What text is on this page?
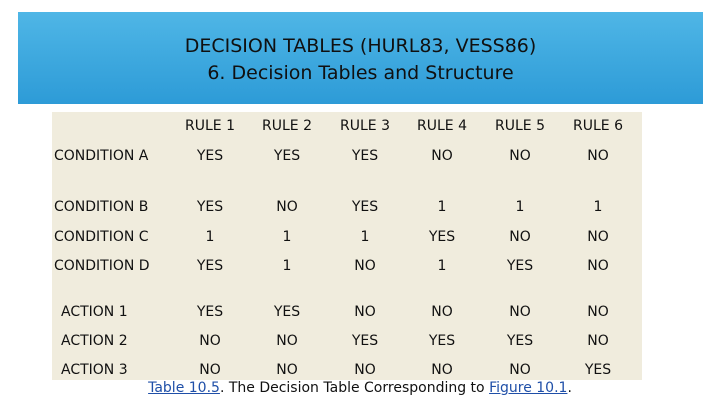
DECISION TABLES (HURL83, VESS86)
6. Decision Tables and Structure
RULE 1	RULE 2	RULE 3	RULE 4	RULE 5	RULE 6
CONDITION A	YES	YES	YES	NO	NO	NO
CONDITION B	YES	NO	YES	1	1	1
CONDITION C	1	1	1	YES	NO	NO
CONDITION D	YES	1	NO	1	YES	NO
ACTION 1	YES	YES	NO	NO	NO	NO
ACTION 2	NO	NO	YES	YES	YES	NO
ACTION 3	NO	NO	NO	NO	NO	YES
Table 10.5. The Decision Table Corresponding to Figure 10.1.
